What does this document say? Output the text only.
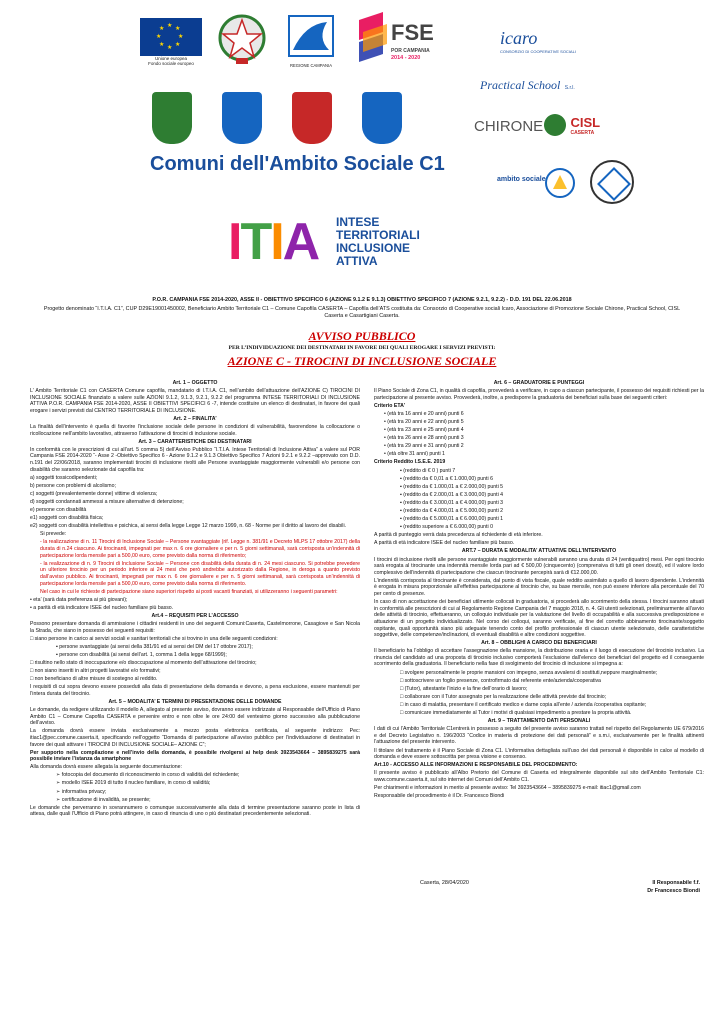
★ ★
★
★
★
★
★
★
Unione europea
Fondo sociale europeo	REGIONE CAMPANIA
FSE
POR CAMPANIA
2014 - 2020
icaro
CONSORZIO DI COOPERATIVE SOCIALI
Practical School S.r.l.
CHIRONE
CISL
CASERTA
ambito sociale
Comuni dell'Ambito Sociale C1
ITIA INTESE
TERRITORIALI
INCLUSIONE
ATTIVA
P.O.R. CAMPANIA FSE 2014-2020, ASSE II - OBIETTIVO SPECIFICO 6 (AZIONE 9.1.2 E 9.1.3) OBIETTIVO SPECIFICO 7 (AZIONE 9.2.1, 9.2.2) - D.D. 191 DEL 22.06.2018
Progetto denominato “I.T.I.A. C1”, CUP D29E19001450002, Beneficiario Ambito Territoriale C1 – Comune Capofila CASERTA – Capofila dell’ATS costituita da: Consorzio di Cooperative sociali Icaro, Associazione di Promozione Sociale Chirone, Practical School, CISL Caserta e Casartigiani Caserta.
AVVISO PUBBLICO
PER L’INDIVIDUAZIONE DEI DESTINATARI IN FAVORE DEI QUALI EROGARE I SERVIZI PREVISTI:
AZIONE C - TIROCINI DI INCLUSIONE SOCIALE

Art. 1 – OGGETTO

L’ Ambito Territoriale C1 con CASERTA Comune capofila, mandatario di I.T.I.A. C1, nell’ambito dell’attuazione dell’AZIONE C) TIROCINI DI INCLUSIONE SOCIALE finanziato a valere sulle AZIONI 9.1.2, 9.1.3, 9.2.1, 9.2.2 del programma INTESE TERRITORIALI DI INCLUSIONE ATTIVA P.O.R. CAMPANIA FSE 2014-2020, ASSE II OBIETTIVI SPECIFICI 6 -7, intende costituire un elenco di destinatari, in favore dei quali erogare i servizi previsti dal CENTRO TERRITORIALE DI INCLUSIONE.

Art. 2 – FINALITA’

La finalità dell’intervento è quella di favorire l’inclusione sociale delle persone in condizioni di vulnerabilità, favorendone la collocazione o ricollocazione nell’ambito lavorativo, attraverso l’attivazione di tirocini di inclusione sociale.

Art. 3 – CARATTERISTICHE DEI DESTINATARI

In conformità con le prescrizioni di cui all’art. 5 comma 5) dell’Avviso Pubblico “I.T.I.A. Intese Territoriali di Inclusione Attiva” a valere sul POR Campania FSE 2014-2020 “- Asse 2 -Obiettivo Specifico 6 - Azione 9.1.2 e 9.1.3 Obiettivo Specifico 7 Azioni 9.2.1 e 9.2.2 –approvato con D.D. n.191 del 22/06/2018, saranno implementati tirocini di inclusione rivolti alle Persone svantaggiate maggiormente vulnerabili e/o persone con disabilità che saranno selezionate dal capofila tra:

a) soggetti tossicodipendenti;

b) persone con problemi di alcolismo;

c) soggetti (prevalentemente donne) vittime di violenza;

d) soggetti condannati ammessi a misure alternative di detenzione;

e) persone con disabilità

e1) soggetti con disabilità fisica;

e2) soggetti con disabilità intellettiva e psichica, ai sensi della legge Legge 12 marzo 1999, n. 68 - Norme per il diritto al lavoro dei disabili.

Si prevede:

- la realizzazione di n. 11 Tirocini di Inclusione Sociale – Persone svantaggiate (rif. Legge n. 381/91 e Decreto MLPS 17 ottobre 2017) della durata di n.24 ciascuno. Ai tirocinanti, impegnati per max n. 6 ore giornaliere e per n. 5 giorni settimanali, sarà corrisposta un’indennità di partecipazione lorda mensile pari a 500,00 euro, come previsto dalla norma di riferimento;

- la realizzazione di n. 9 Tirocini di Inclusione Sociale – Persone con disabilità della durata di n. 24 mesi ciascuno. Si potrebbe prevedere un ulteriore tirocinio per un periodo inferiore ai 24 mesi che però andrebbe autorizzato dalla Regione, in deroga a quanto previsto dall’avviso pubblico. Ai tirocinanti, impegnati per max n. 6 ore giornaliere e per n. 5 giorni settimanali, sarà corrisposta un’indennità di partecipazione lorda mensile pari a 500,00 euro, come previsto dalla norma di riferimento.

Nel caso in cui le richieste di partecipazione siano superiori rispetto ai posti vacanti finanziati, si utilizzeranno i seguenti parametri:

• eta’ (sarà data preferenza ai più giovani);

• a parità di età indicatore ISEE del nucleo familiare più basso.

Art.4 – REQUISITI PER L’ACCESSO

Possono presentare domanda di ammissione i cittadini residenti in uno dei seguenti Comuni:Caserta, Castelmorrone, Casagiove e San Nicola la Strada, che siano in possesso dei seguenti requisiti:

□ siano persone in carico ai servizi sociali e sanitari territoriali che si trovino in una delle seguenti condizioni:

▪ persone svantaggiate (ai sensi della 381/91 ed ai sensi del DM del 17 ottobre 2017);

▪ persone con disabilità (ai sensi dell’art. 1, comma 1 della legge 68/1999);

□ risultino nello stato di inoccupazione e/o disoccupazione al momento dell’attivazione del tirocinio;

□ non siano inseriti in altri progetti lavorativi e/o formativi;

□ non beneficiano di altre misure di sostegno al reddito.

I requisiti di cui sopra devono essere posseduti alla data di presentazione della domanda e devono, a pena esclusione, essere mantenuti per l’intera durata del tirocinio.

Art. 5 – MODALITA’ E TERMINI DI PRESENTAZIONE DELLE DOMANDE

Le domande, da redigere utilizzando il modello A, allegato al presente avviso, dovranno essere indirizzate al Responsabile dell’Ufficio di Piano Ambito C1 – Comune Capofila CASERTA e pervenire entro e non oltre le ore 24:00 del ventesimo giorno successivo alla pubblicazione dell’avviso.

La domanda dovrà essere inviata esclusivamente a mezzo posta elettronica certificata, al seguente indirizzo: Pec: itiac1@pec.comune.caserta.it, specificando nell’oggetto “Domanda di partecipazione all’avviso pubblico per l’individuazione di destinatari in favore dei quali attivare i TIROCINI DI INCLUSIONE SOCIALE– AZIONE C”;

Per supporto nella compilazione e nell’invio della domanda, è possibile rivolgersi ai help desk 3923543664 – 3895839275 sarà possibile inviare l’istanza da smartphone

Alla domanda dovrà essere allegata la seguente documentazione:

➢ fotocopia del documento di riconoscimento in corso di validità del richiedente;

➢ modello ISEE 2019 di tutto il nucleo familiare, in corso di validità;

➢ informativa privacy;

➢ certificazione di invalidità, se presente;

Le domande che perverranno in sovrannumero o comunque successivamente alla data di termine presentazione saranno poste in lista di attesa, dalle quali l’Ufficio di Piano potrà attingere, in caso di rinuncia di uno o più destinatari precedentemente selezionati.

Art. 6 – GRADUATORIE E PUNTEGGI

Il Piano Sociale di Zona C1, in qualità di capofila, provvederà a verificare, in capo a ciascun partecipante, il possesso dei requisiti richiesti per la partecipazione al presente avviso. Provvederà, inoltre, a predisporre la graduatoria dei beneficiari sulla base dei seguenti criteri:

Criterio ETA’

• (età tra 16 anni e 20 anni) punti 6

• (età tra 20 anni e 22 anni) punti 5

• (età tra 23 anni e 25 anni) punti 4

• (età tra 26 anni e 28 anni) punti 3

• (età tra 29 anni e 31 anni) punti 2

• (età oltre 31 anni) punti 1

Criterio Reddito I.S.E.E. 2019

▪ (reddito di € 0 ) punti 7

▪ (reddito da € 0,01 a € 1.000,00) punti 6

▪ (reddito da € 1.000,01 a € 2.000,00) punti 5

▪ (reddito da € 2.000,01 a € 3.000,00) punti 4

▪ (reddito da € 3.000,01 a € 4.000,00) punti 3

▪ (reddito da € 4.000,01 a € 5.000,00) punti 2

▪ (reddito da € 5.000,01 a € 6.000,00) punti 1

▪ (reddito superiore a € 6.000,00) punti 0

A parità di punteggio verrà data precedenza al richiedente di età inferiore.

A parità di età indicatore ISEE del nucleo familiare più basso.

ART.7 – DURATA E MODALITA’ ATTUATIVE DELL’INTERVENTO

I tirocini di inclusione rivolti alle persone svantaggiate maggiormente vulnerabili avranno una durata di 24 (ventiquattro) mesi. Per ogni tirocinio sarà erogata al tirocinante una indennità mensile lorda pari ad € 500,00 (cinquecento) (comprensiva di tutti gli oneri dovuti), ed il valore lordo complessivo dell’indennità di partecipazione che ciascun tirocinante percepirà sarà di €12.000,00.

L’indennità corrisposta al tirocinante è considerata, dal punto di vista fiscale, quale reddito assimilato a quello di lavoro dipendente. L’indennità è erogata in misura proporzionale all’effettiva partecipazione al tirocinio che, su base mensile, non può essere inferiore alla percentuale del 70 per cento di presenze.

In caso di non accettazione dei beneficiari utilmente collocati in graduatoria, si procederà allo scorrimento della stessa. I tirocini saranno attuati in conformità alle prescrizioni di cui al Regolamento Regione Campania del 7 maggio 2018, n. 4. Gli utenti selezionati, preliminarmente all’avvio delle attività di tirocinio, effettueranno, un colloquio individuale per la valutazione del livello di occupabilità e alla successiva predisposizione e attuazione di un progetto individualizzato. Nel corso dei colloqui, saranno verificate, al fine del corretto abbinamento tirocinante/soggetto ospitante, quali opportunità siano più adeguate tenendo conto del profilo professionale di ciascun utente selezionato, delle caratteristiche soggettive, delle competenze/inclinazioni, di eventuali disabilità e altre condizioni soggettive.

Art. 8 – OBBLIGHI A CARICO DEI BENEFICIARI

Il beneficiario ha l’obbligo di accettare l’assegnazione della mansione, la distribuzione oraria e il luogo di esecuzione del tirocinio inclusivo. La rinuncia del candidato ad una proposta di tirocinio inclusivo comporterà l’esclusione dall’elenco dei beneficiari del progetto ed il conseguente scorrimento della graduatoria. Il beneficiario nella fase di svolgimento del tirocinio di inclusione si impegna a:

□ svolgere personalmente le proprie mansioni con impegno, senza avvalersi di sostituti,neppure marginalmente;

□ sottoscrivere un foglio presenze, controfirmato dal referente ente/azienda/cooperativa

□ (Tutor), attestante l’inizio e la fine dell’orario di lavoro;

□ collaborare con il Tutor assegnato per la realizzazione delle attività previste dal tirocinio;

□ in caso di malattia, presentare il certificato medico e darne copia all’ente / azienda /cooperativa ospitante;

□ comunicare immediatamente al Tutor i motivi di qualsiasi impedimento a prestare la propria attività.

Art. 9 – TRATTAMENTO DATI PERSONALI

I dati di cui l’Ambito Territoriale C1entrerà in possesso a seguito del presente avviso saranno trattati nel rispetto del Regolamento UE 679/2016 e del Decreto Legislativo n. 196/2003 “Codice in materia di protezione dei dati personali” e s.m.i, esclusivamente per le finalità attinenti l’attuazione del presente intervento.

Il titolare del trattamento è il Piano Sociale di Zona C1. L’informativa dettagliata sull’uso dei dati personali è disponibile in calce al modello di domanda e deve essere sottoscritta per presa visione e consenso.

Art.10 - ACCESSO ALLE INFORMAZIONI E RESPONSABILE DEL PROCEDIMENTO:

Il presente avviso è pubblicato all’Albo Pretorio del Comune di Caserta ed integralmente disponibile sul sito dell’Ambito Territoriale C1: www.comune.caserta.it, sul sito internet dei Comuni dell’Ambito C1.

Per chiarimenti e informazioni in merito al presente avviso: Tel 3923543664 – 3895839275 e-mail: itiac1@gmail.com

Responsabile del procedimento è il Dr. Francesco Biondi

Caserta, 28/04/2020	Il Responsabile f.f.
Dr Francesco Biondi
